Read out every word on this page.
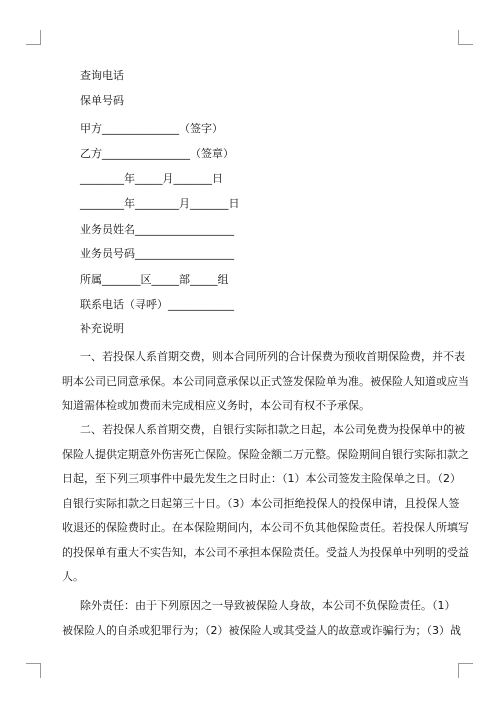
查询电话
保单号码
甲方______________（签字）
乙方________________（签章）
________年_____月_______日
________年________月_______日
业务员姓名__________________
业务员号码__________________
所属_______区_____部_____组
联系电话（寻呼）____________
补充说明
一、若投保人系首期交费，则本合同所列的合计保费为预收首期保险费，并不表
明本公司已同意承保。本公司同意承保以正式签发保险单为准。被保险人知道或应当
知道需体检或加费而未完成相应义务时，本公司有权不予承保。
二、若投保人系首期交费，自银行实际扣款之日起，本公司免费为投保单中的被
保险人提供定期意外伤害死亡保险。保险金额二万元整。保险期间自银行实际扣款之
日起，至下列三项事件中最先发生之日时止：（1）本公司签发主险保单之日。（2）
自银行实际扣款之日起第三十日。（3）本公司拒绝投保人的投保申请，且投保人签
收退还的保险费时止。在本保险期间内，本公司不负其他保险责任。若投保人所填写
的投保单有重大不实告知，本公司不承担本保险责任。受益人为投保单中列明的受益
人。
除外责任：由于下列原因之一导致被保险人身故，本公司不负保险责任。（1）
被保险人的自杀或犯罪行为；（2）被保险人或其受益人的故意或诈骗行为；（3）战
